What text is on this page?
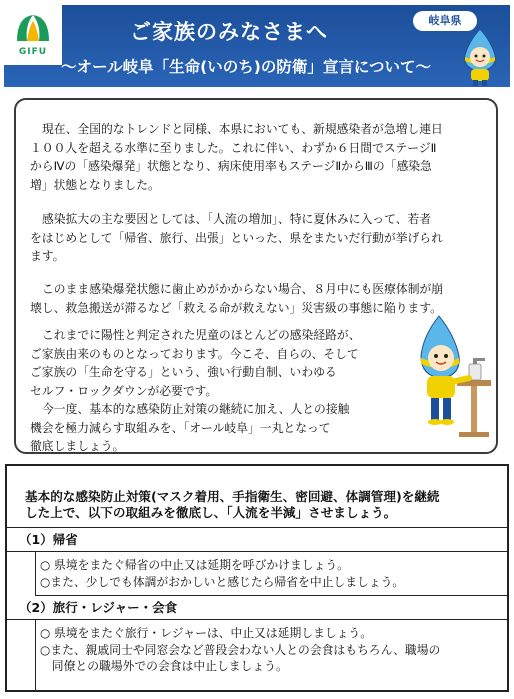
GIFU
ご家族のみなさまへ
～オール岐阜「生命(いのち)の防衛」宣言について～
岐阜県
現在、全国的なトレンドと同様、本県においても、新規感染者が急増し連日
１００人を超える水準に至りました。これに伴い、わずか６日間でステージⅡ
からⅣの「感染爆発」状態となり、病床使用率もステージⅡからⅢの「感染急
増」状態となりました。
感染拡大の主な要因としては、「人流の増加」、特に夏休みに入って、若者
をはじめとして「帰省、旅行、出張」といった、県をまたいだ行動が挙げられ
ます。
このまま感染爆発状態に歯止めがかからない場合、８月中にも医療体制が崩
壊し、救急搬送が滞るなど「救える命が救えない」災害級の事態に陥ります。
これまでに陽性と判定された児童のほとんどの感染経路が、
ご家族由来のものとなっております。今こそ、自らの、そして
ご家族の「生命を守る」という、強い行動自制、いわゆる
セルフ・ロックダウンが必要です。
今一度、基本的な感染防止対策の継続に加え、人との接触
機会を極力減らす取組みを、「オール岐阜」一丸となって
徹底しましょう。
基本的な感染防止対策(マスク着用、手指衛生、密回避、体調管理)を継続
した上で、以下の取組みを徹底し、「人流を半減」させましょう。
（1）帰省
○ 県境をまたぐ帰省の中止又は延期を呼びかけましょう。
○また、少しでも体調がおかしいと感じたら帰省を中止しましょう。
（2）旅行・レジャー・会食
○ 県境をまたぐ旅行・レジャーは、中止又は延期しましょう。
○また、親戚同士や同窓会など普段会わない人との会食はもちろん、職場の
　同僚との職場外での会食は中止しましょう。
